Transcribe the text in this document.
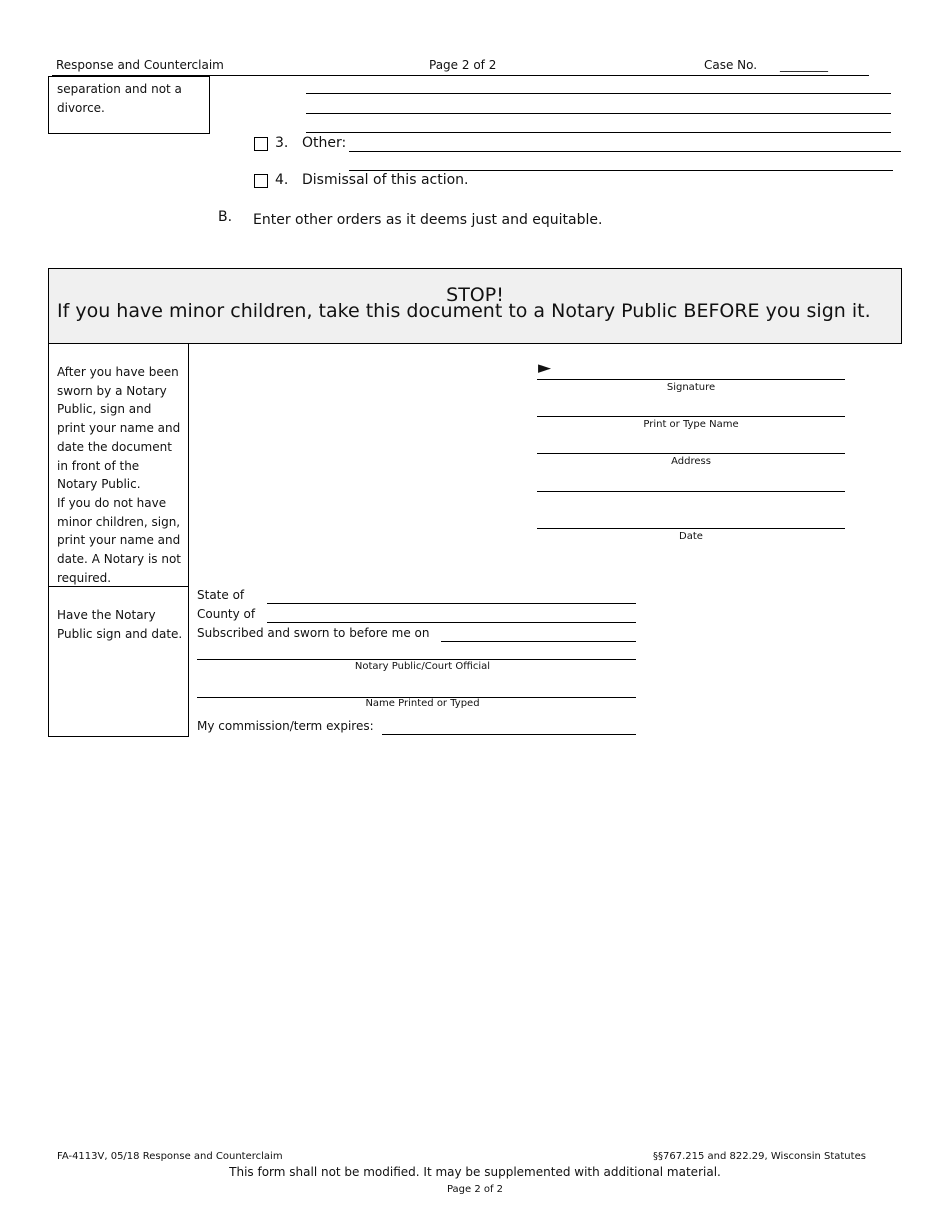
Response and Counterclaim	Page 2 of 2	Case No. ________
separation and not a divorce.
3. Other:
4. Dismissal of this action.
B. Enter other orders as it deems just and equitable.
STOP!
If you have minor children, take this document to a Notary Public BEFORE you sign it.
After you have been sworn by a Notary Public, sign and print your name and date the document in front of the Notary Public.
If you do not have minor children, sign, print your name and date. A Notary is not required.
Have the Notary Public sign and date.
►
Signature
Print or Type Name
Address
Date
State of
County of
Subscribed and sworn to before me on
Notary Public/Court Official
Name Printed or Typed
My commission/term expires:
FA-4113V, 05/18 Response and Counterclaim	§§767.215 and 822.29, Wisconsin Statutes
This form shall not be modified. It may be supplemented with additional material.
Page 2 of 2
